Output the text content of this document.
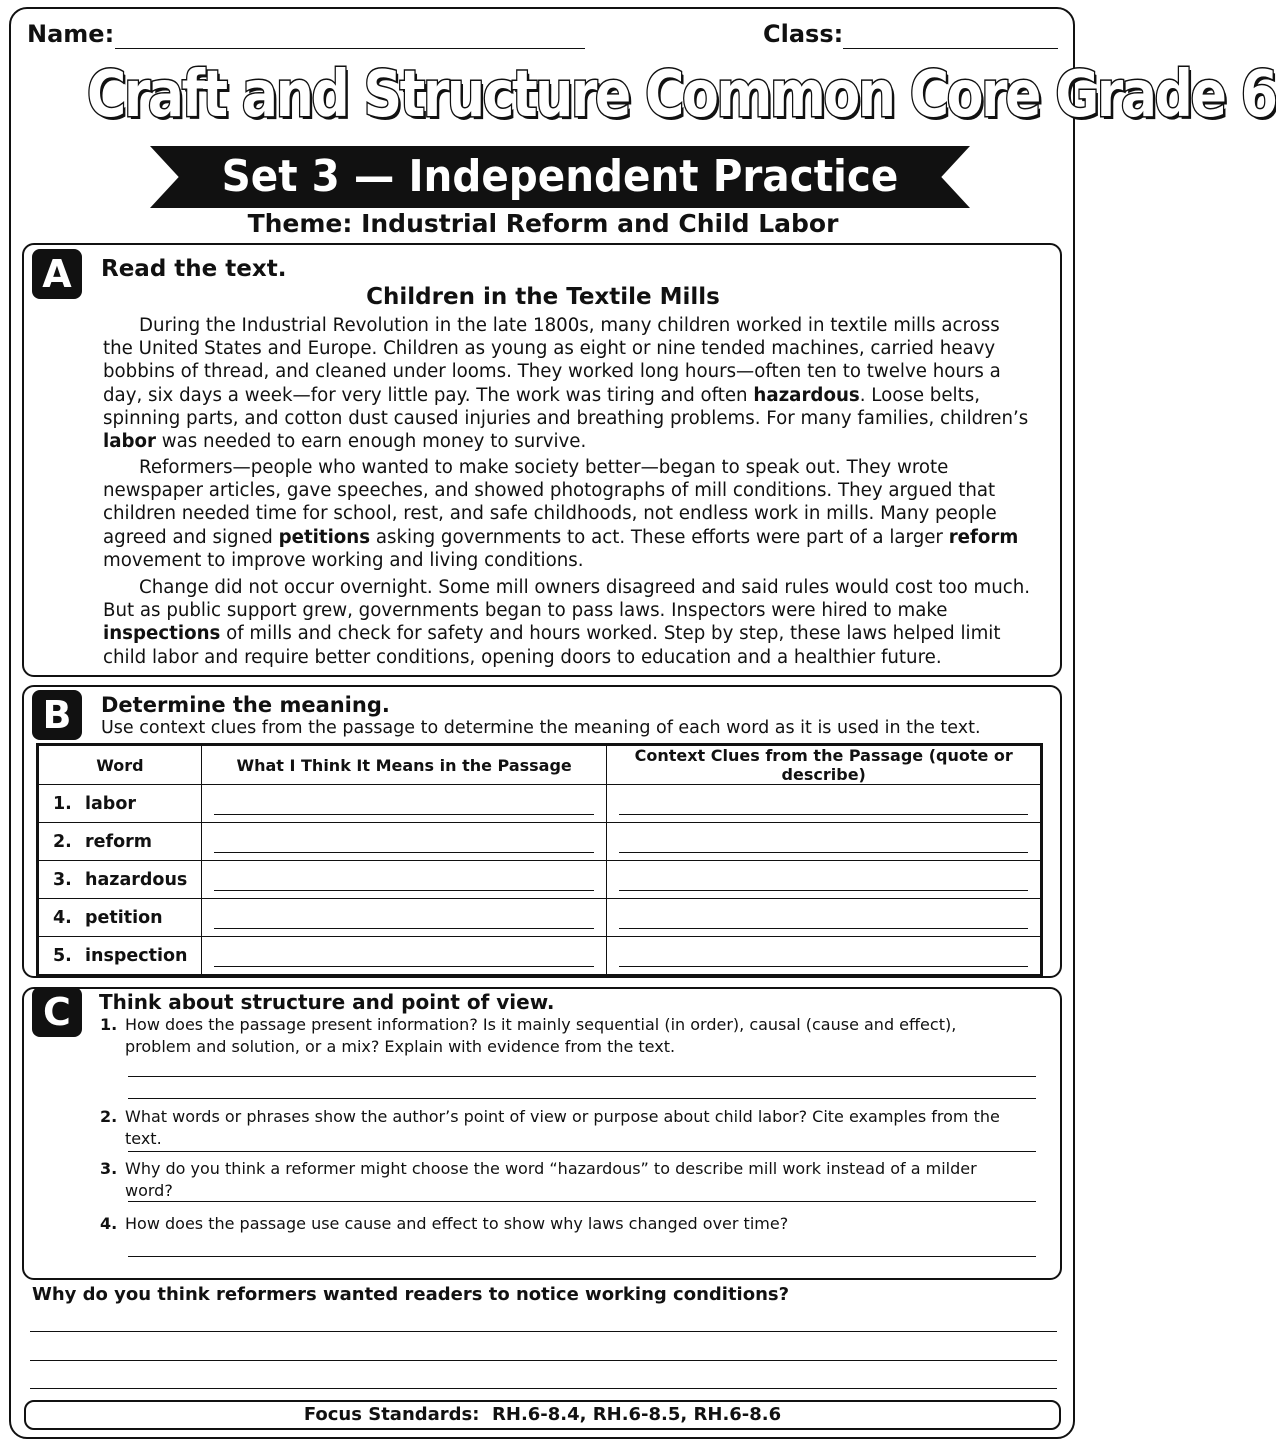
Name:	Class:
Craft and Structure Common Core Grade 6
Set 3 — Independent Practice
Theme: Industrial Reform and Child Labor
A	Read the text.
Children in the Textile Mills
During the Industrial Revolution in the late 1800s, many children worked in textile mills across the United States and Europe. Children as young as eight or nine tended machines, carried heavy bobbins of thread, and cleaned under looms. They worked long hours—often ten to twelve hours a day, six days a week—for very little pay. The work was tiring and often hazardous. Loose belts, spinning parts, and cotton dust caused injuries and breathing problems. For many families, children’s labor was needed to earn enough money to survive.
Reformers—people who wanted to make society better—began to speak out. They wrote newspaper articles, gave speeches, and showed photographs of mill conditions. They argued that children needed time for school, rest, and safe childhoods, not endless work in mills. Many people agreed and signed petitions asking governments to act. These efforts were part of a larger reform movement to improve working and living conditions.
Change did not occur overnight. Some mill owners disagreed and said rules would cost too much. But as public support grew, governments began to pass laws. Inspectors were hired to make inspections of mills and check for safety and hours worked. Step by step, these laws helped limit child labor and require better conditions, opening doors to education and a healthier future.
B	Determine the meaning.
Use context clues from the passage to determine the meaning of each word as it is used in the text.
Word	What I Think It Means in the Passage	Context Clues from the Passage (quote or describe)
1. labor	

2. reform	

3. hazardous	

4. petition	

5. inspection	

C	Think about structure and point of view.
1. How does the passage present information? Is it mainly sequential (in order), causal (cause and effect), problem and solution, or a mix? Explain with evidence from the text.
2. What words or phrases show the author’s point of view or purpose about child labor? Cite examples from the text.
3. Why do you think a reformer might choose the word “hazardous” to describe mill work instead of a milder word?
4. How does the passage use cause and effect to show why laws changed over time?
Why do you think reformers wanted readers to notice working conditions?
Focus Standards: RH.6-8.4, RH.6-8.5, RH.6-8.6
